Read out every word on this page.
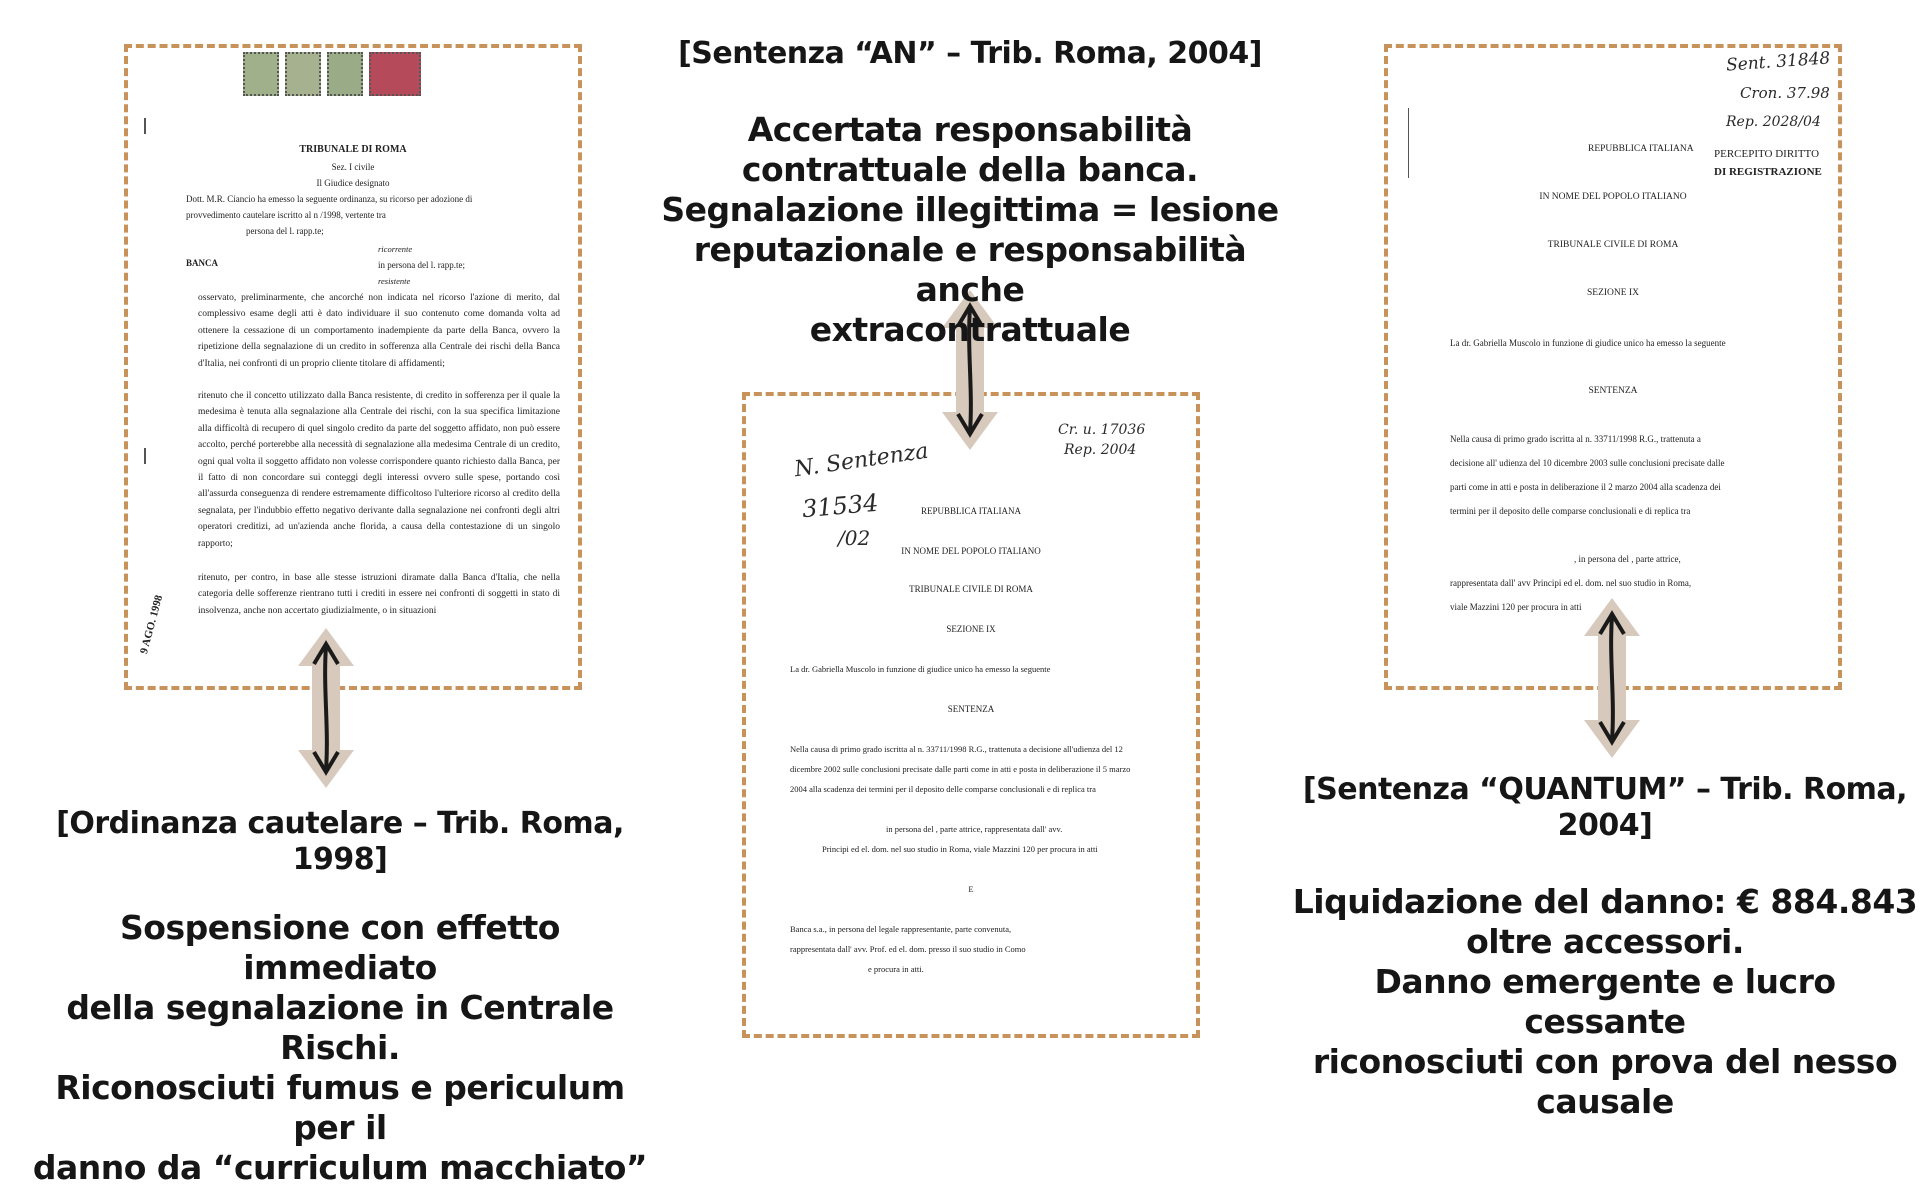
TRIBUNALE DI ROMA
Sez. I civile
Il Giudice designato
Dott. M.R. Ciancio ha emesso la seguente ordinanza, su ricorso per adozione di
provvedimento cautelare iscritto al n /1998, vertente tra
persona del l. rapp.te;
ricorrente
BANCA	in persona del l. rapp.te;
resistente
osservato, preliminarmente, che ancorché non indicata nel ricorso l'azione di merito, dal complessivo esame degli atti è dato individuare il suo contenuto come domanda volta ad ottenere la cessazione di un comportamento inadempiente da parte della Banca, ovvero la ripetizione della segnalazione di un credito in sofferenza alla Centrale dei rischi della Banca d'Italia, nei confronti di un proprio cliente titolare di affidamenti;
ritenuto che il concetto utilizzato dalla Banca resistente, di credito in sofferenza per il quale la medesima è tenuta alla segnalazione alla Centrale dei rischi, con la sua specifica limitazione alla difficoltà di recupero di quel singolo credito da parte del soggetto affidato, non può essere accolto, perché porterebbe alla necessità di segnalazione alla medesima Centrale di un credito, ogni qual volta il soggetto affidato non volesse corrispondere quanto richiesto dalla Banca, per il fatto di non concordare sui conteggi degli interessi ovvero sulle spese, portando così all'assurda conseguenza di rendere estremamente difficoltoso l'ulteriore ricorso al credito della segnalata, per l'indubbio effetto negativo derivante dalla segnalazione nei confronti degli altri operatori creditizi, ad un'azienda anche florida, a causa della contestazione di un singolo rapporto;
ritenuto, per contro, in base alle stesse istruzioni diramate dalla Banca d'Italia, che nella categoria delle sofferenze rientrano tutti i crediti in essere nei confronti di soggetti in stato di insolvenza, anche non accertato giudizialmente, o in situazioni
9 AGO. 1998
N. Sentenza
31534
/02
Cr. u. 17036
Rep. 2004
REPUBBLICA ITALIANA
IN NOME DEL POPOLO ITALIANO
TRIBUNALE CIVILE DI ROMA
SEZIONE IX
La dr. Gabriella Muscolo in funzione di giudice unico ha emesso la seguente
SENTENZA
Nella causa di primo grado iscritta al n. 33711/1998 R.G., trattenuta a decisione all'udienza del 12
dicembre 2002 sulle conclusioni precisate dalle parti come in atti e posta in deliberazione il 5 marzo
2004 alla scadenza dei termini per il deposito delle comparse conclusionali e di replica tra
in persona del , parte attrice, rappresentata dall' avv.
Principi ed el. dom. nel suo studio in Roma, viale Mazzini 120 per procura in atti
E
Banca s.a., in persona del legale rappresentante, parte convenuta,
rappresentata dall' avv. Prof. ed el. dom. presso il suo studio in Como
e procura in atti.
Sent. 31848
Cron. 37.98
Rep. 2028/04
PERCEPITO DIRITTO
DI REGISTRAZIONE
REPUBBLICA ITALIANA
IN NOME DEL POPOLO ITALIANO
TRIBUNALE CIVILE DI ROMA
SEZIONE IX
La dr. Gabriella Muscolo in funzione di giudice unico ha emesso la seguente
SENTENZA
Nella causa di primo grado iscritta al n. 33711/1998 R.G., trattenuta a
decisione all' udienza del 10 dicembre 2003 sulle conclusioni precisate dalle
parti come in atti e posta in deliberazione il 2 marzo 2004 alla scadenza dei
termini per il deposito delle comparse conclusionali e di replica tra
, in persona del , parte attrice,
rappresentata dall' avv Principi ed el. dom. nel suo studio in Roma,
viale Mazzini 120 per procura in atti
[Ordinanza cautelare – Trib. Roma, 1998]
Sospensione con effetto immediato
della segnalazione in Centrale Rischi.
Riconosciuti fumus e periculum per il
danno da “curriculum macchiato”
[Sentenza “AN” – Trib. Roma, 2004]
Accertata responsabilità
contrattuale della banca.
Segnalazione illegittima = lesione
reputazionale e responsabilità anche
extracontrattuale
[Sentenza “QUANTUM” – Trib. Roma, 2004]
Liquidazione del danno: € 884.843
oltre accessori.
Danno emergente e lucro cessante
riconosciuti con prova del nesso
causale
